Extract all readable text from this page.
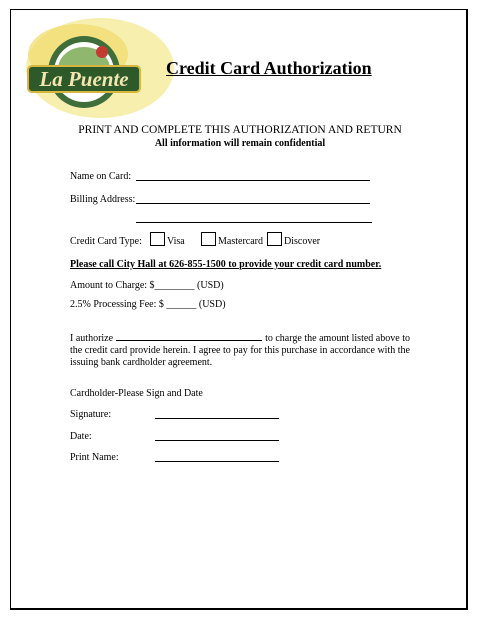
La Puente Credit Card Authorization
PRINT AND COMPLETE THIS AUTHORIZATION AND RETURN
All information will remain confidential
Name on Card:
Billing Address:
Credit Card Type:	Visa	Mastercard Discover
Please call City Hall at 626-855-1500 to provide your credit card number.
Amount to Charge: $________ (USD)
2.5% Processing Fee: $ ______ (USD)
I authorize	to charge the amount listed above to the credit card provide herein. I agree to pay for this purchase in accordance with the issuing bank cardholder agreement.
Cardholder-Please Sign and Date
Signature:
Date:
Print Name:
